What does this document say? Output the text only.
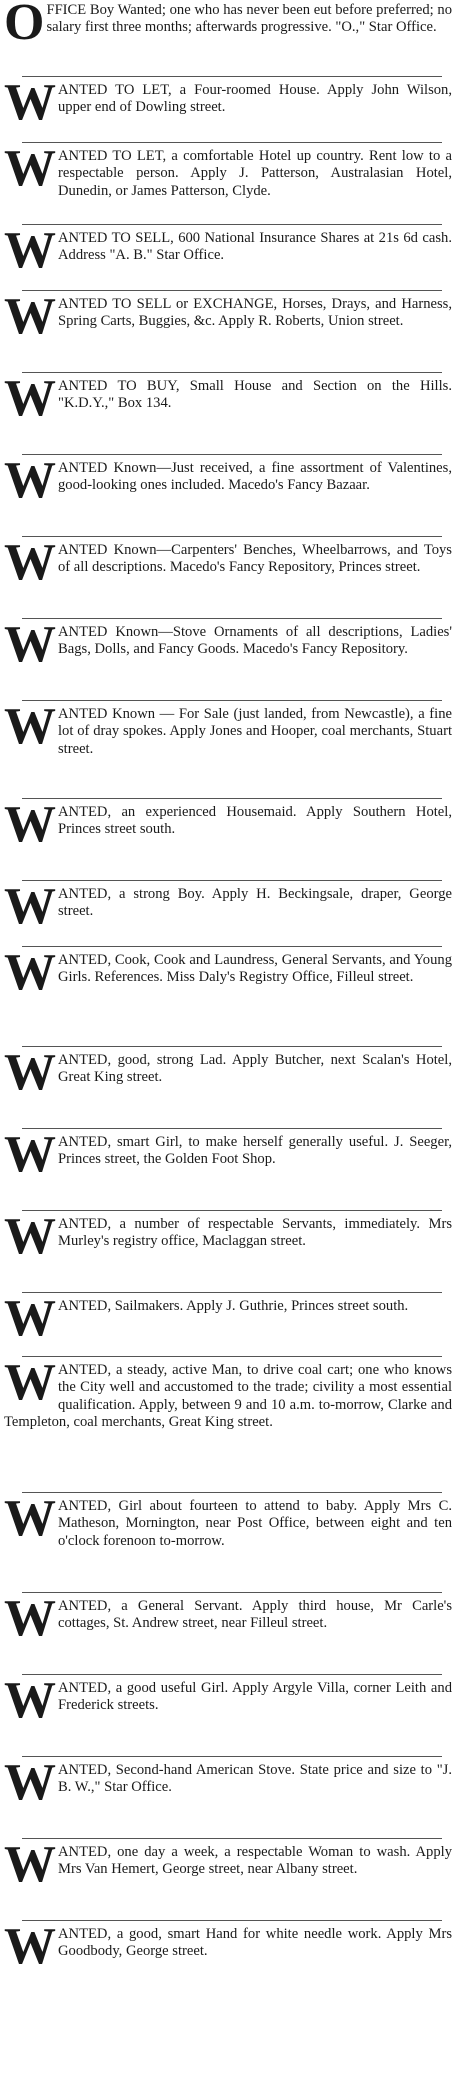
OFFICE Boy Wanted; one who has never been eut before preferred; no salary first three months; afterwards progressive. "O.," Star Office.
WANTED TO LET, a Four-roomed House. Apply John Wilson, upper end of Dowling street.
WANTED TO LET, a comfortable Hotel up country. Rent low to a respectable person. Apply J. Patterson, Australasian Hotel, Dunedin, or James Patterson, Clyde.
WANTED TO SELL, 600 National Insurance Shares at 21s 6d cash. Address "A. B." Star Office.
WANTED TO SELL or EXCHANGE, Horses, Drays, and Harness, Spring Carts, Buggies, &c. Apply R. Roberts, Union street.
WANTED TO BUY, Small House and Section on the Hills. "K.D.Y.," Box 134.
WANTED Known—Just received, a fine assortment of Valentines, good-looking ones included. Macedo's Fancy Bazaar.
WANTED Known—Carpenters' Benches, Wheelbarrows, and Toys of all descriptions. Macedo's Fancy Repository, Princes street.
WANTED Known—Stove Ornaments of all descriptions, Ladies' Bags, Dolls, and Fancy Goods. Macedo's Fancy Repository.
WANTED Known — For Sale (just landed, from Newcastle), a fine lot of dray spokes. Apply Jones and Hooper, coal merchants, Stuart street.
WANTED, an experienced Housemaid. Apply Southern Hotel, Princes street south.
WANTED, a strong Boy. Apply H. Beckingsale, draper, George street.
WANTED, Cook, Cook and Laundress, General Servants, and Young Girls. References. Miss Daly's Registry Office, Filleul street.
WANTED, good, strong Lad. Apply Butcher, next Scalan's Hotel, Great King street.
WANTED, smart Girl, to make herself generally useful. J. Seeger, Princes street, the Golden Foot Shop.
WANTED, a number of respectable Servants, immediately. Mrs Murley's registry office, Maclaggan street.
WANTED, Sailmakers. Apply J. Guthrie, Princes street south.
WANTED, a steady, active Man, to drive coal cart; one who knows the City well and accustomed to the trade; civility a most essential qualification. Apply, between 9 and 10 a.m. to-morrow, Clarke and Templeton, coal merchants, Great King street.
WANTED, Girl about fourteen to attend to baby. Apply Mrs C. Matheson, Mornington, near Post Office, between eight and ten o'clock forenoon to-morrow.
WANTED, a General Servant. Apply third house, Mr Carle's cottages, St. Andrew street, near Filleul street.
WANTED, a good useful Girl. Apply Argyle Villa, corner Leith and Frederick streets.
WANTED, Second-hand American Stove. State price and size to "J. B. W.," Star Office.
WANTED, one day a week, a respectable Woman to wash. Apply Mrs Van Hemert, George street, near Albany street.
WANTED, a good, smart Hand for white needle work. Apply Mrs Goodbody, George street.
